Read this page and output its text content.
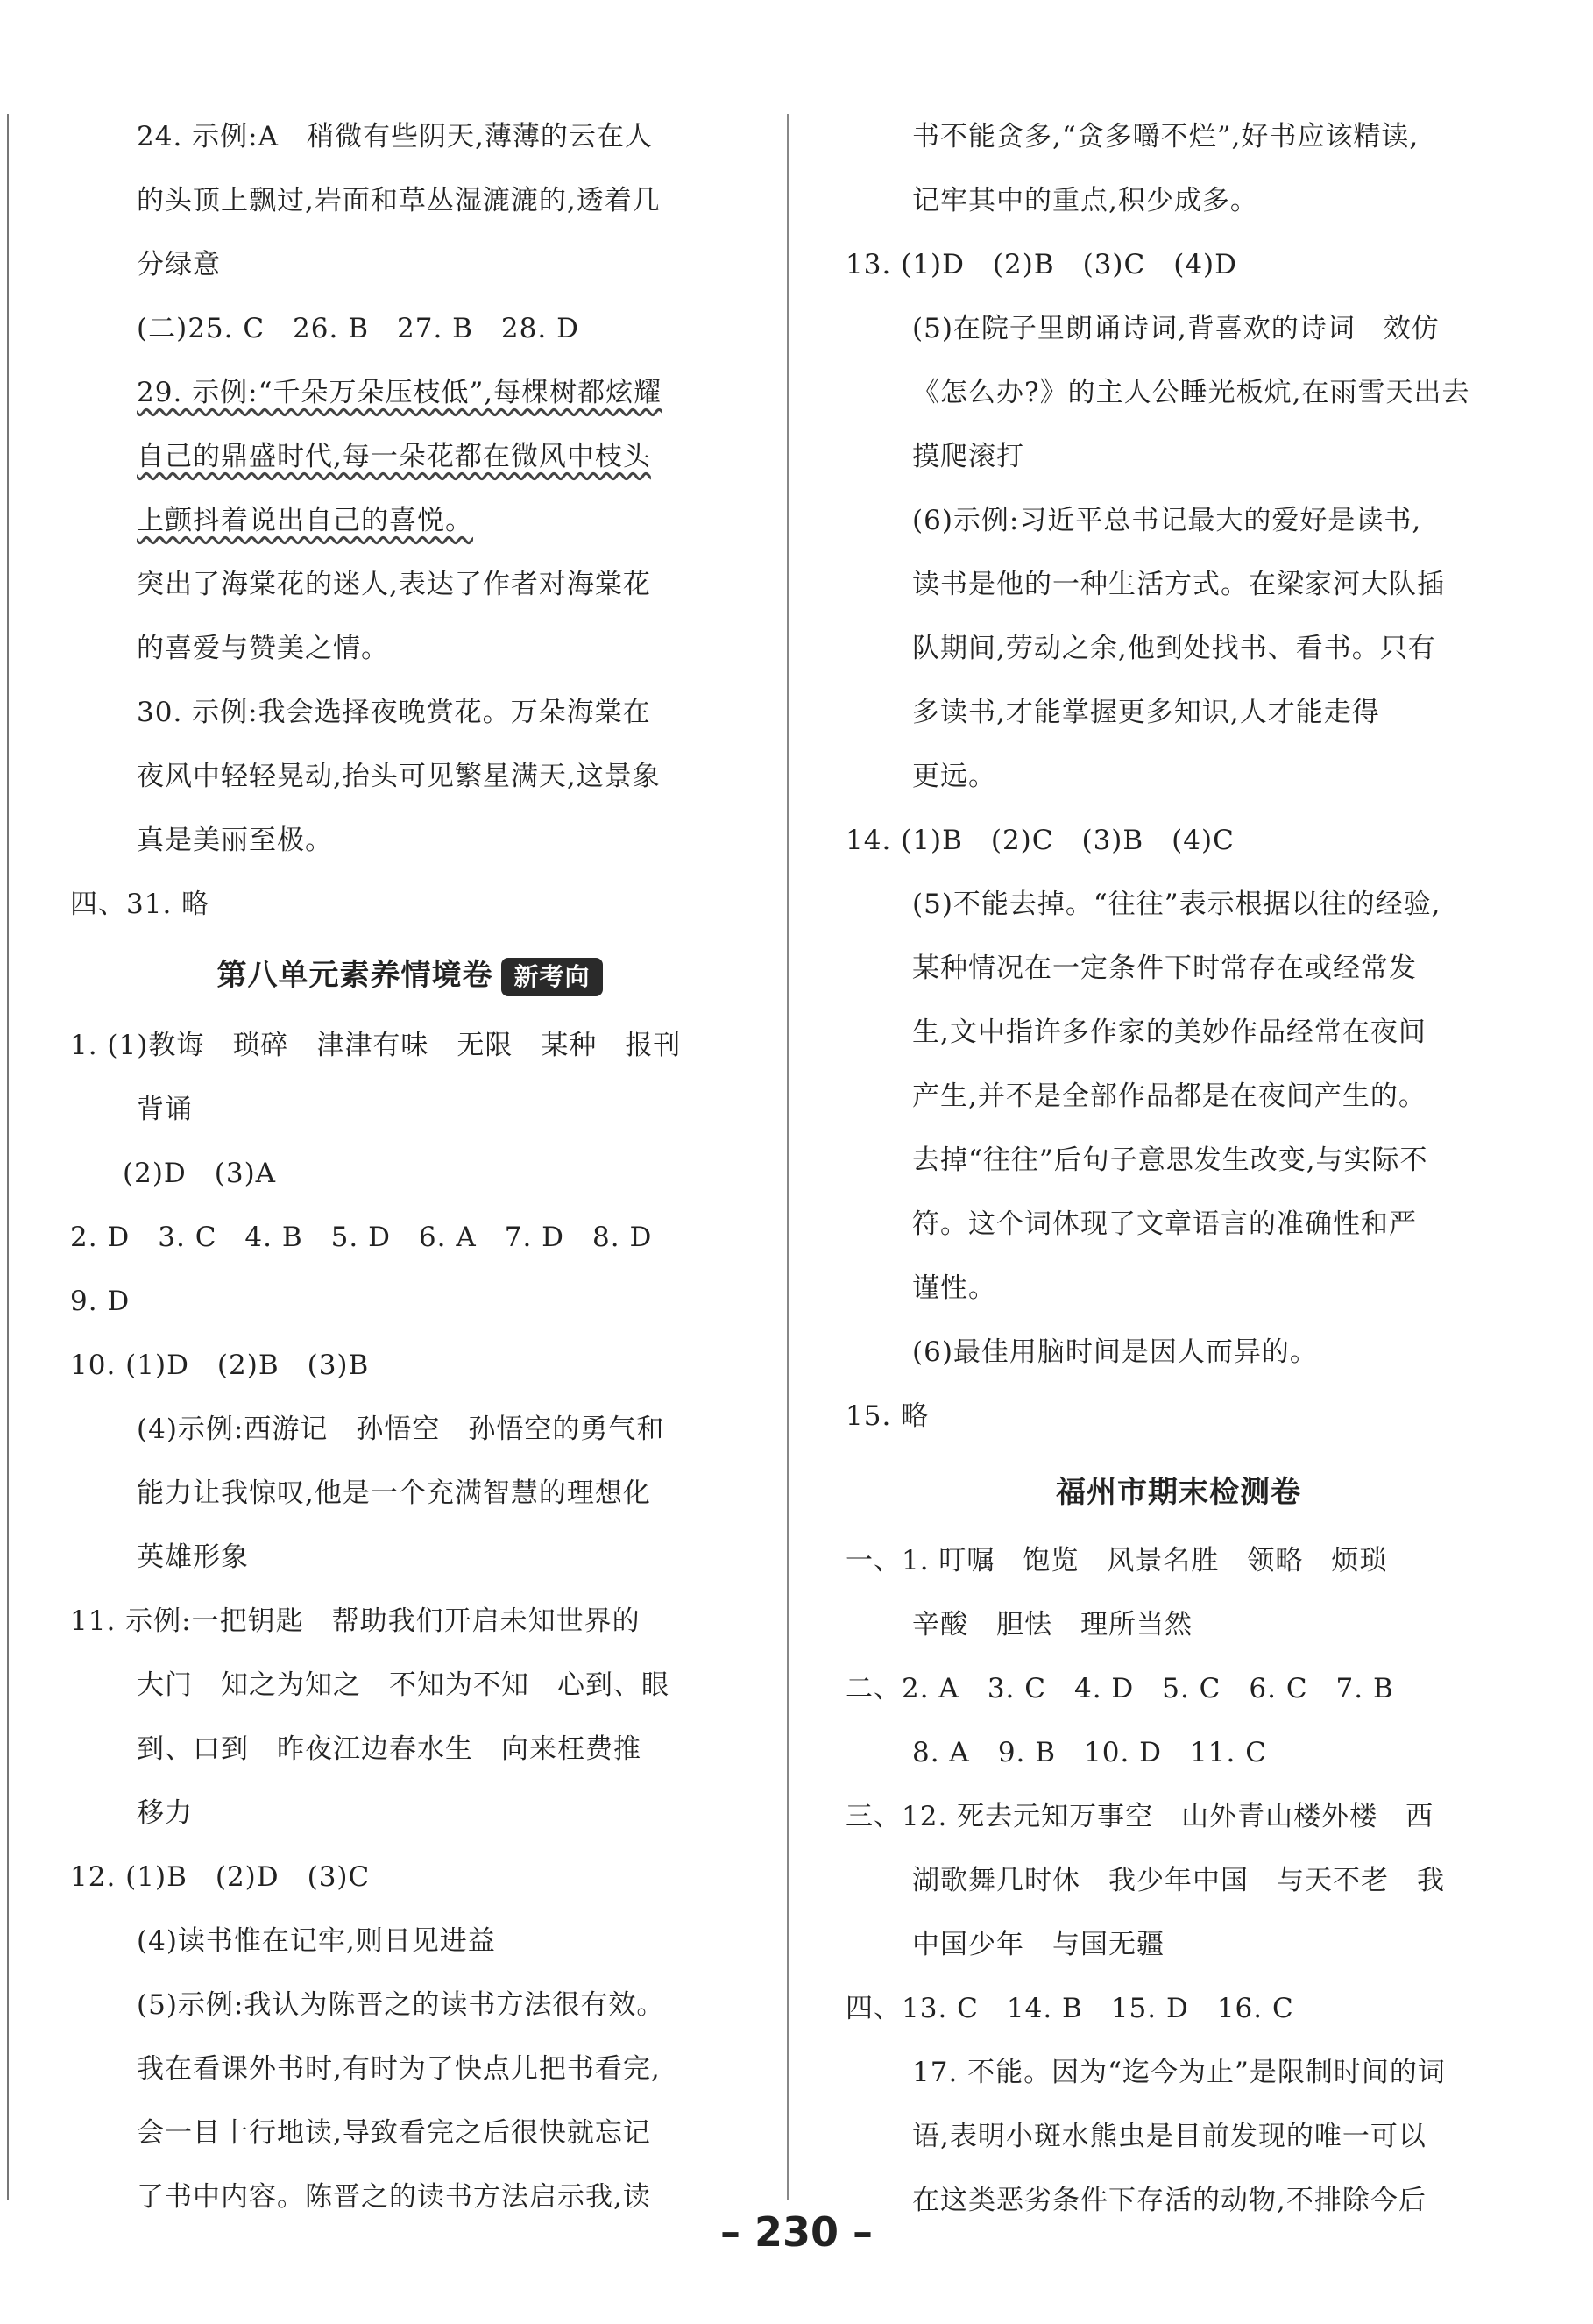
24. 示例:A　稍微有些阴天,薄薄的云在人
的头顶上飘过,岩面和草丛湿漉漉的,透着几
分绿意
(二)25. C　26. B　27. B　28. D
29. 示例:“千朵万朵压枝低”,每棵树都炫耀
自己的鼎盛时代,每一朵花都在微风中枝头
上颤抖着说出自己的喜悦。
突出了海棠花的迷人,表达了作者对海棠花
的喜爱与赞美之情。
30. 示例:我会选择夜晚赏花。万朵海棠在
夜风中轻轻晃动,抬头可见繁星满天,这景象
真是美丽至极。
四、31. 略
第八单元素养情境卷 新考向
1. (1)教诲　琐碎　津津有味　无限　某种　报刊
背诵
(2)D　(3)A
2. D　3. C　4. B　5. D　6. A　7. D　8. D
9. D
10. (1)D　(2)B　(3)B
(4)示例:西游记　孙悟空　孙悟空的勇气和
能力让我惊叹,他是一个充满智慧的理想化
英雄形象
11. 示例:一把钥匙　帮助我们开启未知世界的
大门　知之为知之　不知为不知　心到、眼
到、口到　昨夜江边春水生　向来枉费推
移力
12. (1)B　(2)D　(3)C
(4)读书惟在记牢,则日见进益
(5)示例:我认为陈晋之的读书方法很有效。
我在看课外书时,有时为了快点儿把书看完,
会一目十行地读,导致看完之后很快就忘记
了书中内容。陈晋之的读书方法启示我,读
书不能贪多,“贪多嚼不烂”,好书应该精读,
记牢其中的重点,积少成多。
13. (1)D　(2)B　(3)C　(4)D
(5)在院子里朗诵诗词,背喜欢的诗词　效仿
《怎么办?》的主人公睡光板炕,在雨雪天出去
摸爬滚打
(6)示例:习近平总书记最大的爱好是读书,
读书是他的一种生活方式。在梁家河大队插
队期间,劳动之余,他到处找书、看书。只有
多读书,才能掌握更多知识,人才能走得
更远。
14. (1)B　(2)C　(3)B　(4)C
(5)不能去掉。“往往”表示根据以往的经验,
某种情况在一定条件下时常存在或经常发
生,文中指许多作家的美妙作品经常在夜间
产生,并不是全部作品都是在夜间产生的。
去掉“往往”后句子意思发生改变,与实际不
符。这个词体现了文章语言的准确性和严
谨性。
(6)最佳用脑时间是因人而异的。
15. 略
福州市期末检测卷
一、1. 叮嘱　饱览　风景名胜　领略　烦琐
辛酸　胆怯　理所当然
二、2. A　3. C　4. D　5. C　6. C　7. B
8. A　9. B　10. D　11. C
三、12. 死去元知万事空　山外青山楼外楼　西
湖歌舞几时休　我少年中国　与天不老　我
中国少年　与国无疆
四、13. C　14. B　15. D　16. C
17. 不能。因为“迄今为止”是限制时间的词
语,表明小斑水熊虫是目前发现的唯一可以
在这类恶劣条件下存活的动物,不排除今后
– 230 –
